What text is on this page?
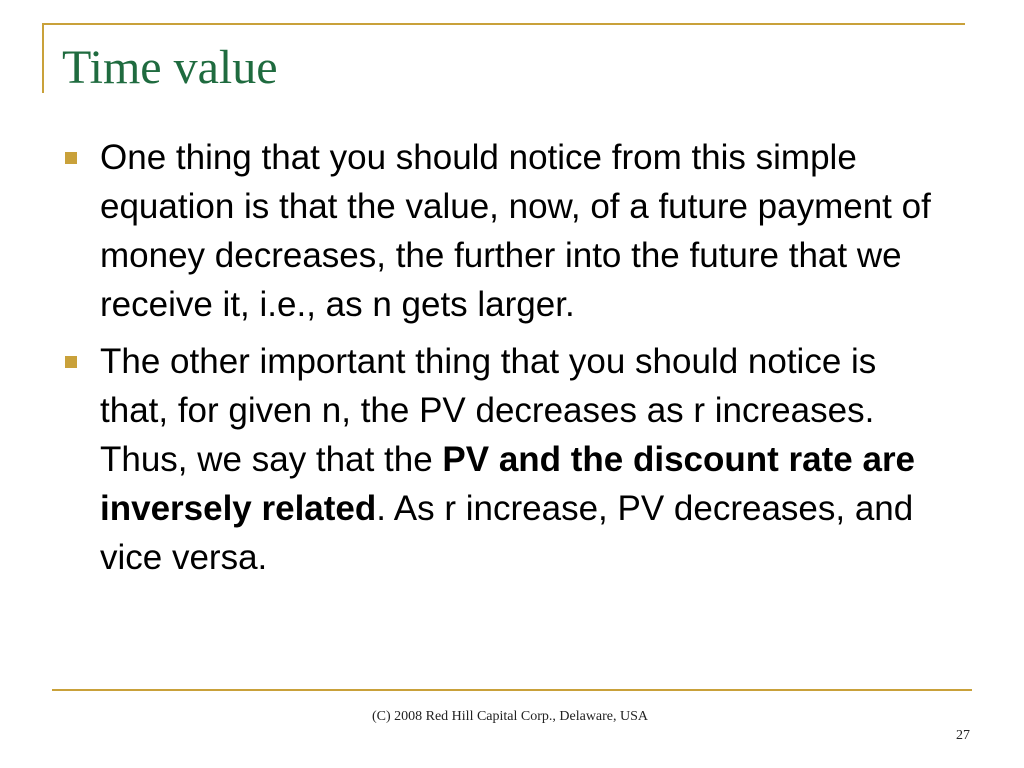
Time value
One thing that you should notice from this simple equation is that the value, now, of a future payment of money decreases, the further into the future that we receive it, i.e., as n gets larger.
The other important thing that you should notice is that, for given n, the PV decreases as r increases. Thus, we say that the PV and the discount rate are inversely related. As r increase, PV decreases, and vice versa.
(C) 2008 Red Hill Capital Corp., Delaware, USA
27
